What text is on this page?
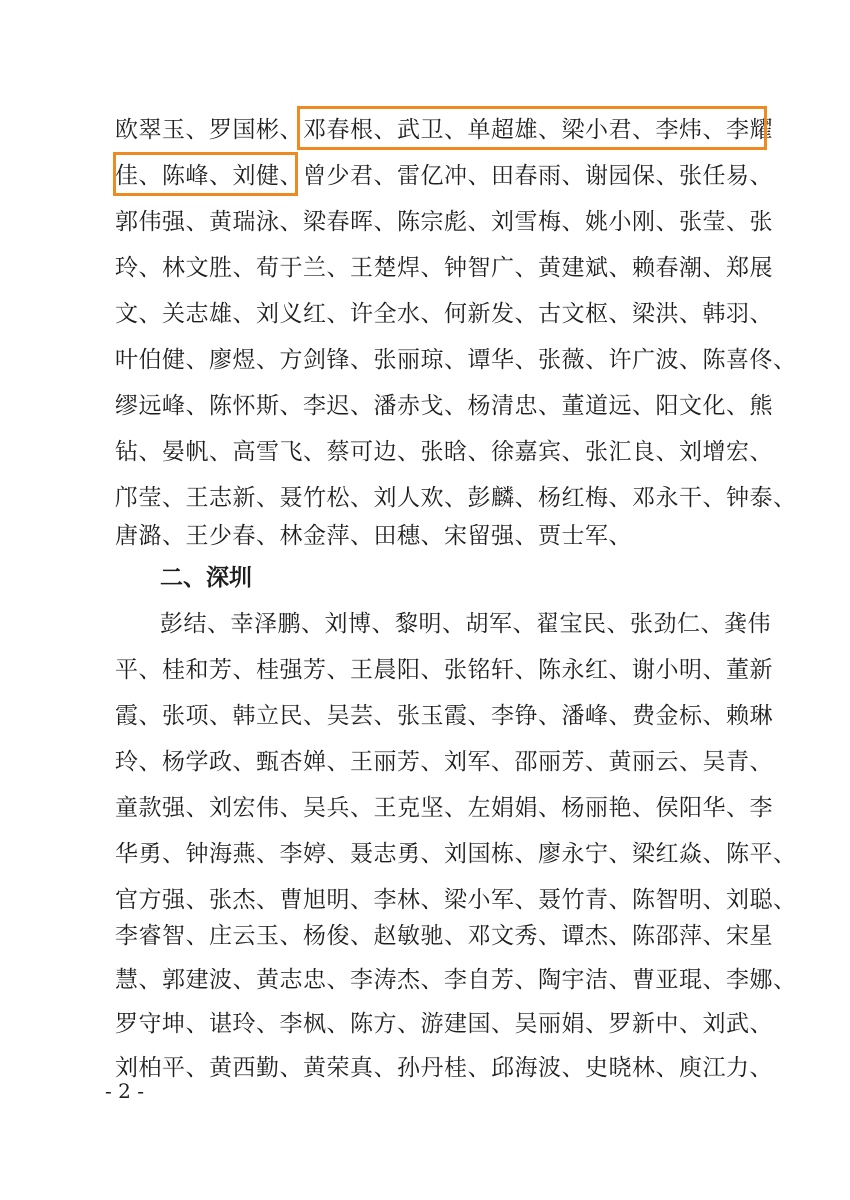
欧翠玉、罗国彬、邓春根、武卫、单超雄、梁小君、李炜、李耀
佳、陈峰、刘健、曾少君、雷亿冲、田春雨、谢园保、张任易、
郭伟强、黄瑞泳、梁春晖、陈宗彪、刘雪梅、姚小刚、张莹、张
玲、林文胜、荀于兰、王楚焊、钟智广、黄建斌、赖春潮、郑展
文、关志雄、刘义红、许全水、何新发、古文枢、梁洪、韩羽、
叶伯健、廖煜、方剑锋、张丽琼、谭华、张薇、许广波、陈喜佟、
缪远峰、陈怀斯、李迟、潘赤戈、杨清忠、董道远、阳文化、熊
钻、晏帆、高雪飞、蔡可边、张晗、徐嘉宾、张汇良、刘增宏、
邝莹、王志新、聂竹松、刘人欢、彭麟、杨红梅、邓永干、钟泰、
唐潞、王少春、林金萍、田穗、宋留强、贾士军、
二、深圳
彭结、幸泽鹏、刘博、黎明、胡军、翟宝民、张劲仁、龚伟
平、桂和芳、桂强芳、王晨阳、张铭轩、陈永红、谢小明、董新
霞、张项、韩立民、吴芸、张玉霞、李铮、潘峰、费金标、赖琳
玲、杨学政、甄杏婵、王丽芳、刘军、邵丽芳、黄丽云、吴青、
童款强、刘宏伟、吴兵、王克坚、左娟娟、杨丽艳、侯阳华、李
华勇、钟海燕、李婷、聂志勇、刘国栋、廖永宁、梁红焱、陈平、
官方强、张杰、曹旭明、李林、梁小军、聂竹青、陈智明、刘聪、
李睿智、庄云玉、杨俊、赵敏驰、邓文秀、谭杰、陈邵萍、宋星
慧、郭建波、黄志忠、李涛杰、李自芳、陶宇洁、曹亚琨、李娜、
罗守坤、谌玲、李枫、陈方、游建国、吴丽娟、罗新中、刘武、
刘柏平、黄西勤、黄荣真、孙丹桂、邱海波、史晓林、庾江力、
- 2 -
